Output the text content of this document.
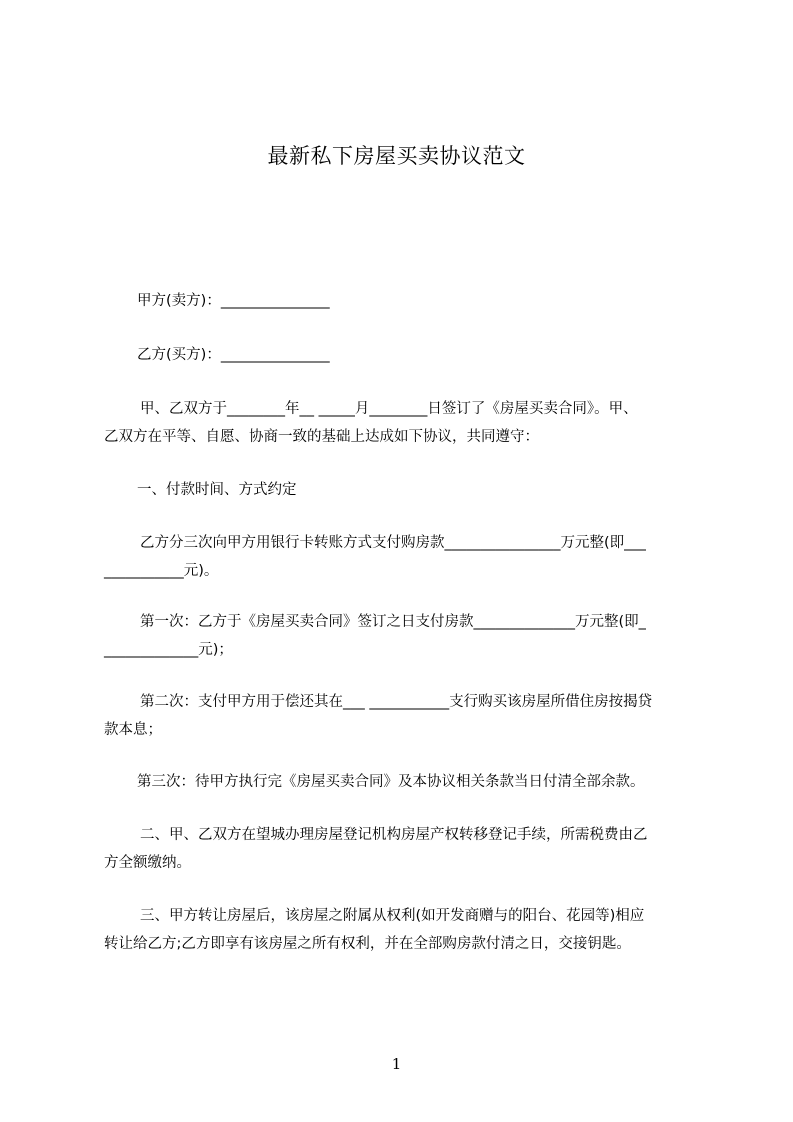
最新私下房屋买卖协议范文
甲方(卖方)：_______________
乙方(买方)：_______________
甲、乙双方于________年__ _____月________日签订了《房屋买卖合同》。甲、
乙双方在平等、自愿、协商一致的基础上达成如下协议，共同遵守：
一、付款时间、方式约定
乙方分三次向甲方用银行卡转账方式支付购房款________________万元整(即___
___________元)。
第一次：乙方于《房屋买卖合同》签订之日支付房款______________万元整(即_
_____________元)；
第二次：支付甲方用于偿还其在___ ___________支行购买该房屋所借住房按揭贷
款本息；
第三次：待甲方执行完《房屋买卖合同》及本协议相关条款当日付清全部余款。
二、甲、乙双方在望城办理房屋登记机构房屋产权转移登记手续，所需税费由乙
方全额缴纳。
三、甲方转让房屋后，该房屋之附属从权利(如开发商赠与的阳台、花园等)相应
转让给乙方;乙方即享有该房屋之所有权利，并在全部购房款付清之日，交接钥匙。
1
